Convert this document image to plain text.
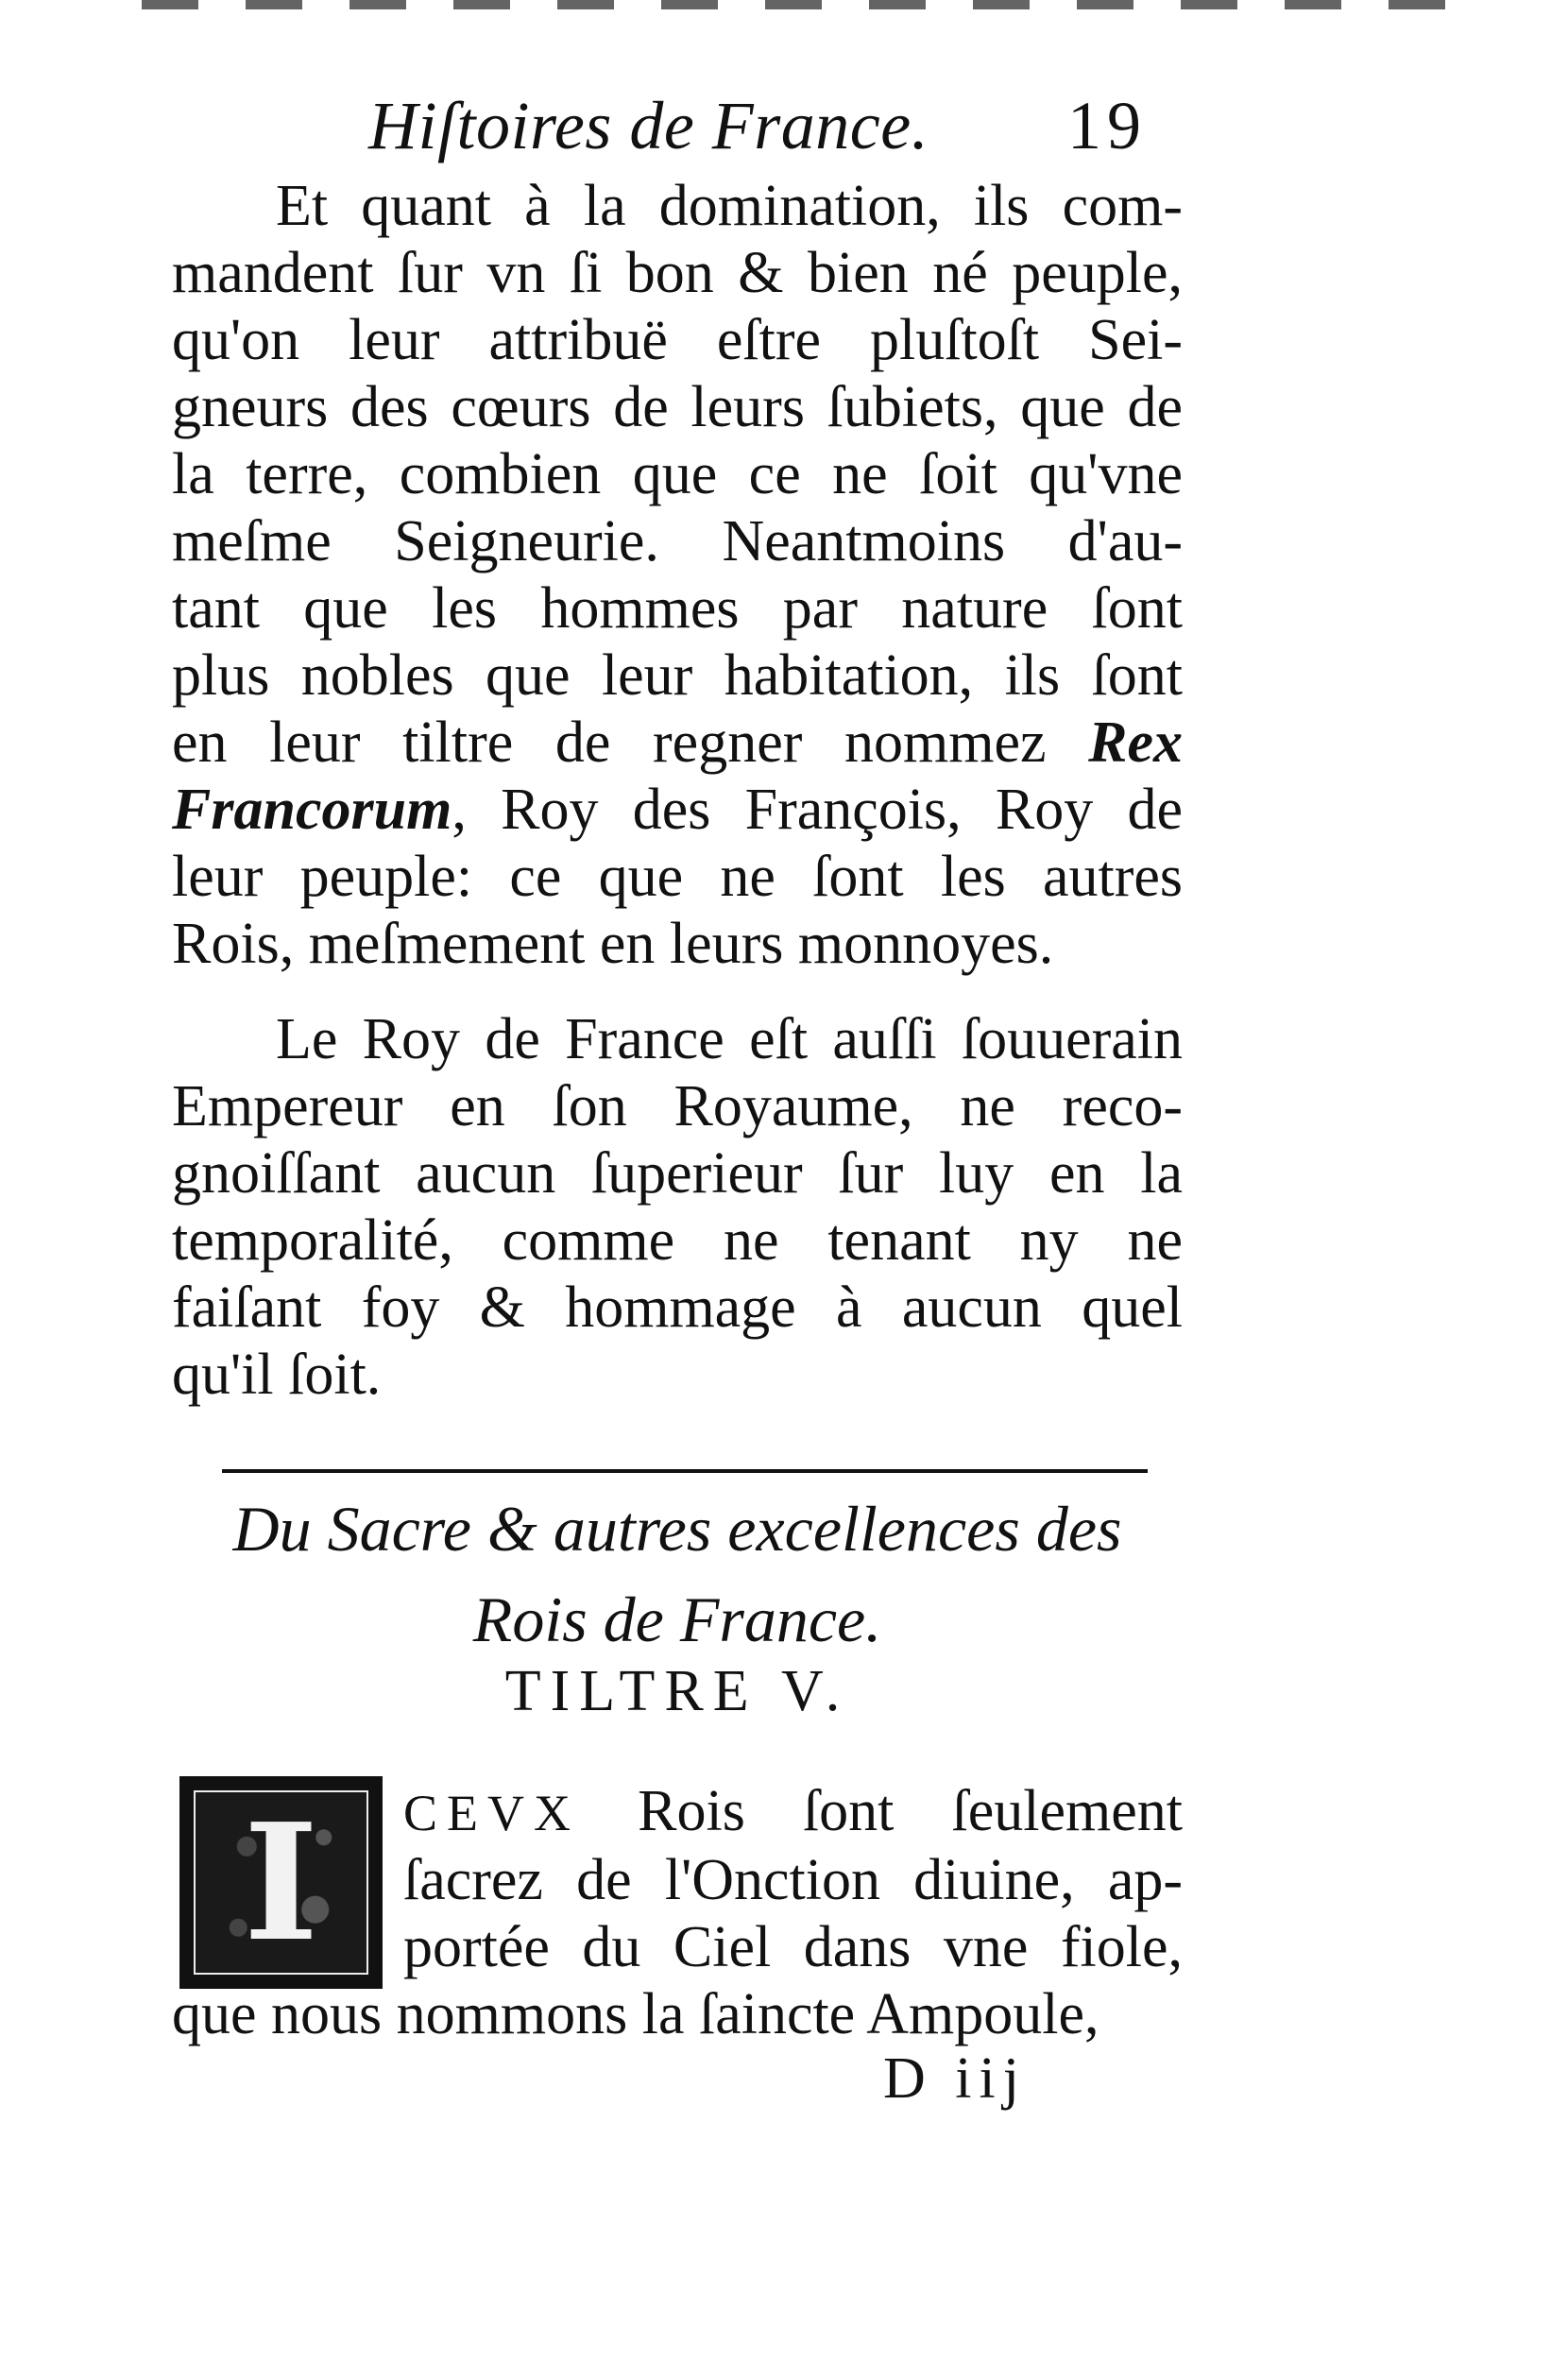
Hiſtoires de France. 19
Et quant à la domination, ils com-
mandent ſur vn ſi bon & bien né peuple,
qu'on leur attribuë eſtre pluſtoſt Sei-
gneurs des cœurs de leurs ſubiets, que de
la terre, combien que ce ne ſoit qu'vne
meſme Seigneurie. Neantmoins d'au-
tant que les hommes par nature ſont
plus nobles que leur habitation, ils ſont
en leur tiltre de regner nommez Rex
Francorum, Roy des François, Roy de
leur peuple: ce que ne ſont les autres
Rois, meſmement en leurs monnoyes.
Le Roy de France eſt auſſi ſouuerain
Empereur en ſon Royaume, ne reco-
gnoiſſant aucun ſuperieur ſur luy en la
temporalité, comme ne tenant ny ne
faiſant foy & hommage à aucun quel
qu'il ſoit.
Du Sacre & autres excellences des
Rois de France.
TILTRE V.
I	CEVX Rois ſont ſeulement
ſacrez de l'Onction diuine, ap-
portée du Ciel dans vne fiole,
que nous nommons la ſaincte Ampoule,
D iij
